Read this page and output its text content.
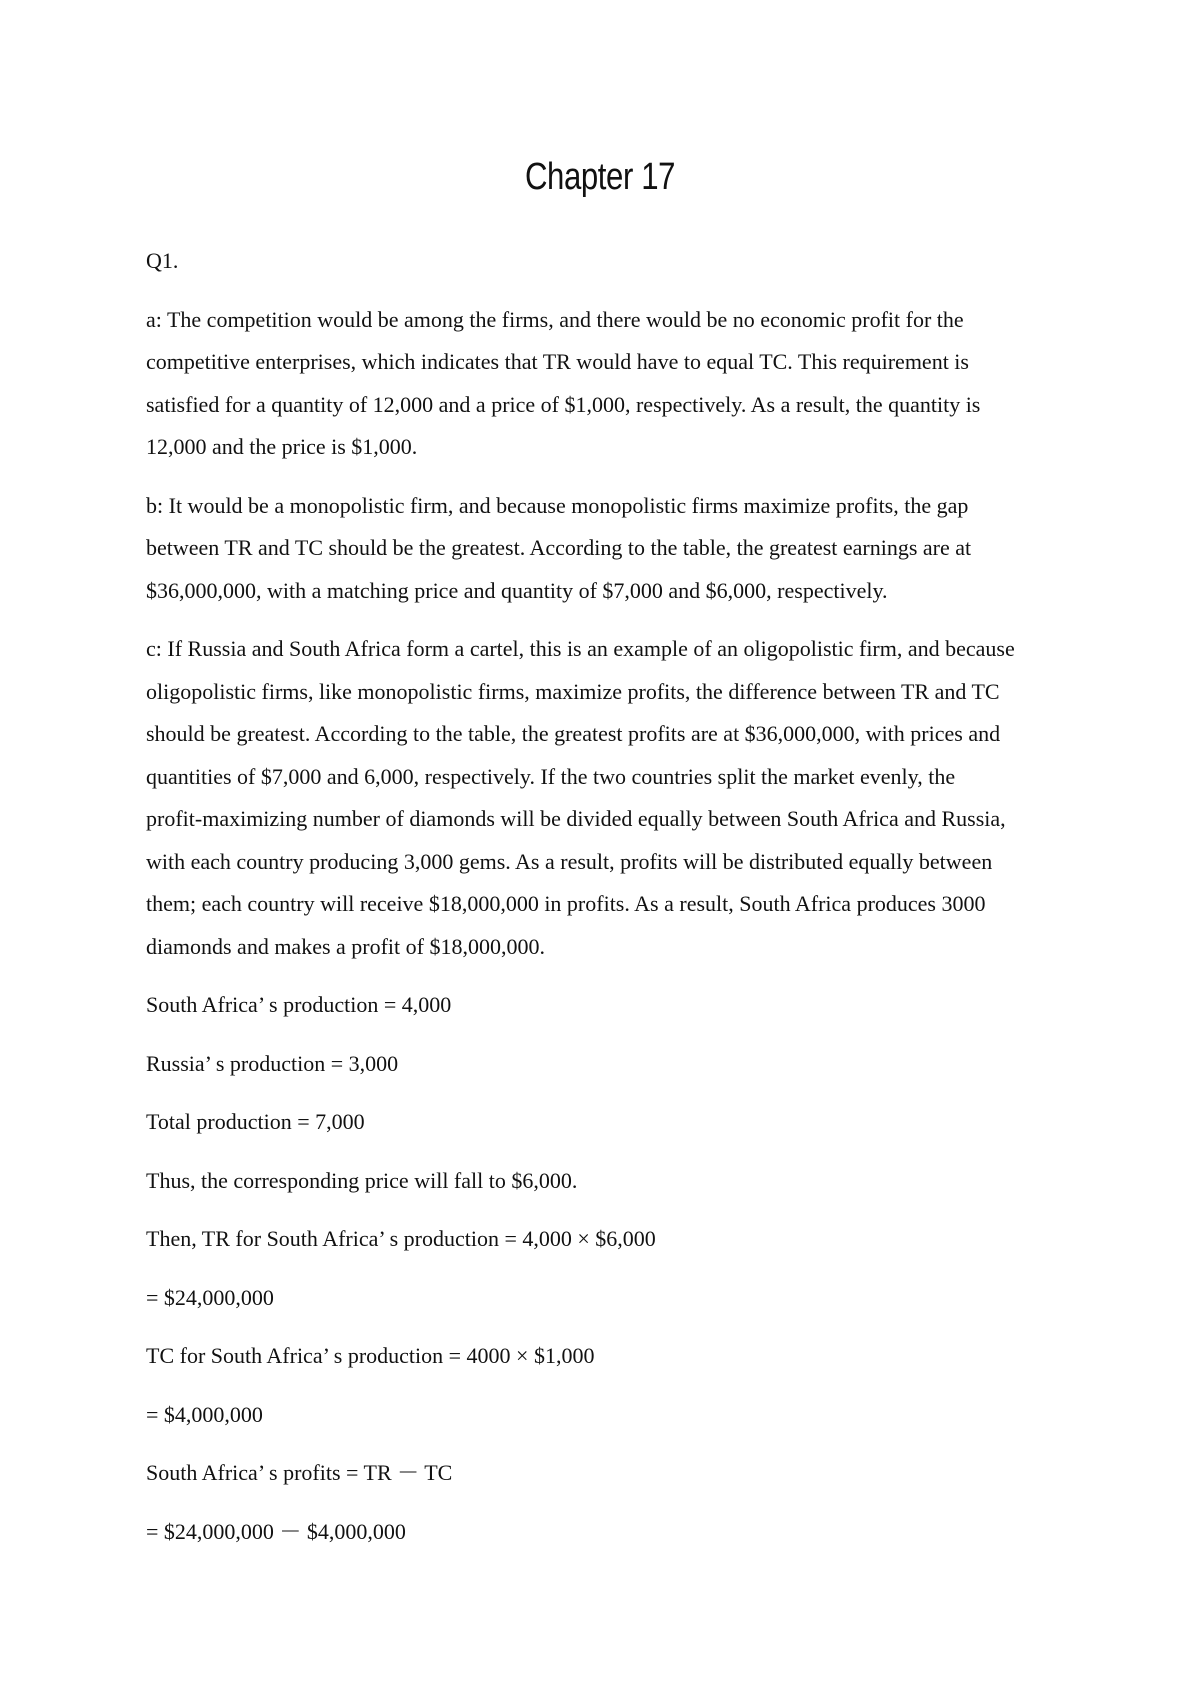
Chapter 17

Q1.

a: The competition would be among the firms, and there would be no economic profit for the
competitive enterprises, which indicates that TR would have to equal TC. This requirement is
satisfied for a quantity of 12,000 and a price of $1,000, respectively. As a result, the quantity is
12,000 and the price is $1,000.

b: It would be a monopolistic firm, and because monopolistic firms maximize profits, the gap
between TR and TC should be the greatest. According to the table, the greatest earnings are at
$36,000,000, with a matching price and quantity of $7,000 and $6,000, respectively.

c: If Russia and South Africa form a cartel, this is an example of an oligopolistic firm, and because
oligopolistic firms, like monopolistic firms, maximize profits, the difference between TR and TC
should be greatest. According to the table, the greatest profits are at $36,000,000, with prices and
quantities of $7,000 and 6,000, respectively. If the two countries split the market evenly, the
profit-maximizing number of diamonds will be divided equally between South Africa and Russia,
with each country producing 3,000 gems. As a result, profits will be distributed equally between
them; each country will receive $18,000,000 in profits. As a result, South Africa produces 3000
diamonds and makes a profit of $18,000,000.

South Africa’ s production = 4,000

Russia’ s production = 3,000

Total production = 7,000

Thus, the corresponding price will fall to $6,000.

Then, TR for South Africa’ s production = 4,000 × $6,000

= $24,000,000

TC for South Africa’ s production = 4000 × $1,000

= $4,000,000

South Africa’ s profits = TR － TC

= $24,000,000 － $4,000,000
